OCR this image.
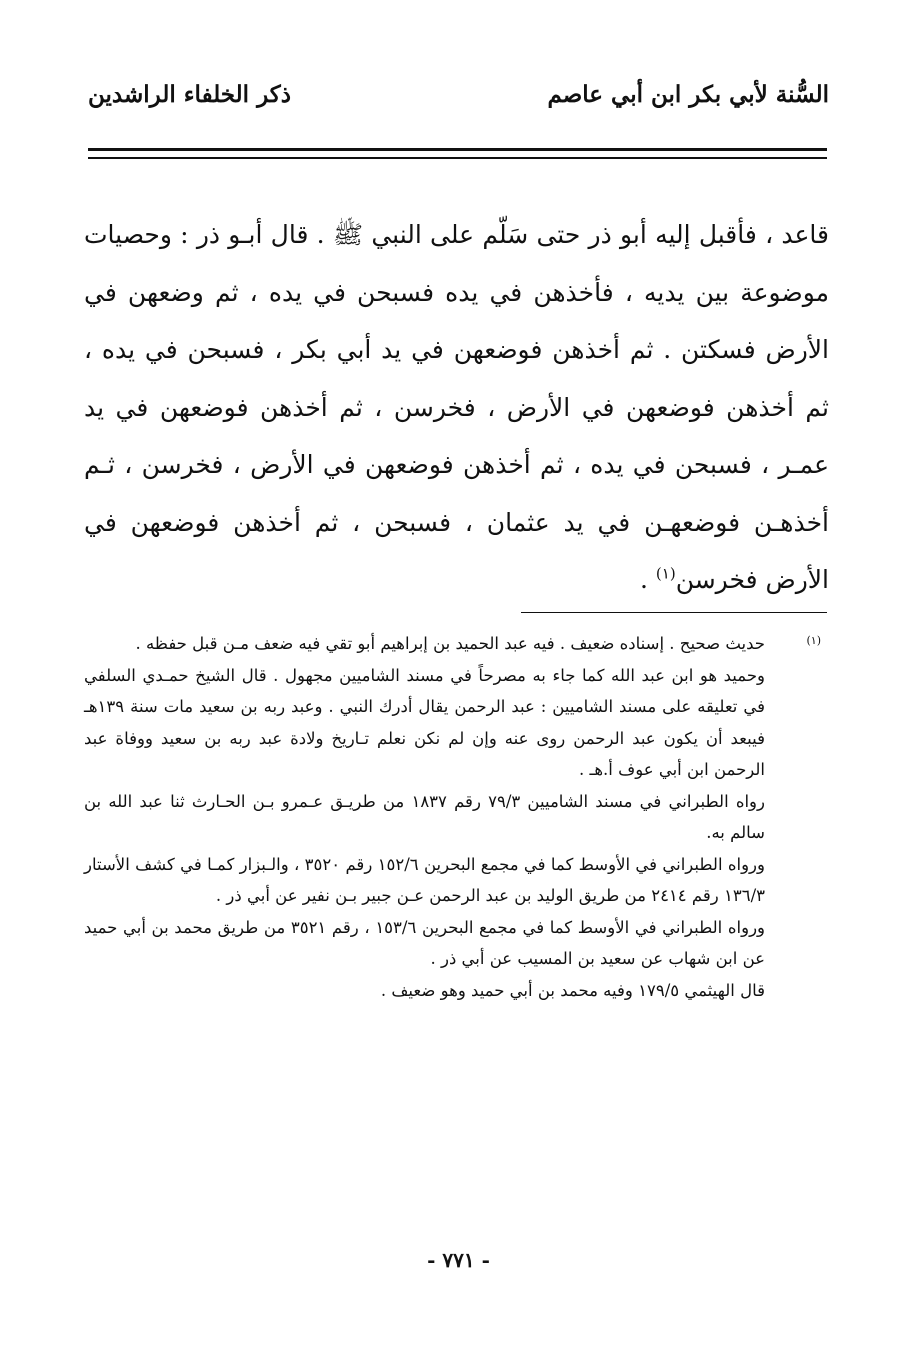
السُّنة لأبي بكر ابن أبي عاصم
ذكر الخلفاء الراشدين

قاعد ، فأقبل إليه أبو ذر حتى سَلّم على النبي ﷺ . قال أبـو ذر : وحصيات موضوعة بين يديه ، فأخذهن في يده فسبحن في يده ، ثم وضعهن في الأرض فسكتن . ثم أخذهن فوضعهن في يد أبي بكر ، فسبحن في يده ، ثم أخذهن فوضعهن في الأرض ، فخرسن ، ثم أخذهن فوضعهن في يد عمـر ، فسبحن في يده ، ثم أخذهن فوضعهن في الأرض ، فخرسن ، ثـم أخذهـن فوضعهـن في يد عثمان ، فسبحن ، ثم أخذهن فوضعهن في الأرض فخرسن$^{(١)}$ .

(١)

حديث صحيح . إسناده ضعيف . فيه عبد الحميد بن إبراهيم أبو تقي فيه ضعف مـن قبل حفظه .

وحميد هو ابن عبد الله كما جاء به مصرحاً في مسند الشاميين مجهول . قال الشيخ حمـدي السلفي في تعليقه على مسند الشاميين : عبد الرحمن يقال أدرك النبي . وعبد ربه بن سعيد مات سنة ١٣٩هـ فيبعد أن يكون عبد الرحمن روى عنه وإن لم نكن نعلم تـاريخ ولادة عبد ربه بن سعيد ووفاة عبد الرحمن ابن أبي عوف أ.هـ .

رواه الطبراني في مسند الشاميين ٧٩/٣ رقم ١٨٣٧ من طريـق عـمرو بـن الحـارث ثنا عبد الله بن سالم به.

ورواه الطبراني في الأوسط كما في مجمع البحرين ١٥٢/٦ رقم ٣٥٢٠ ، والـبزار كمـا في كشف الأستار ١٣٦/٣ رقم ٢٤١٤ من طريق الوليد بن عبد الرحمن عـن جبير بـن نفير عن أبي ذر .

ورواه الطبراني في الأوسط كما في مجمع البحرين ١٥٣/٦ ، رقم ٣٥٢١ من طريق محمد بن أبي حميد عن ابن شهاب عن سعيد بن المسيب عن أبي ذر .

قال الهيثمي ١٧٩/٥ وفيه محمد بن أبي حميد وهو ضعيف .

- ٧٧١ -
